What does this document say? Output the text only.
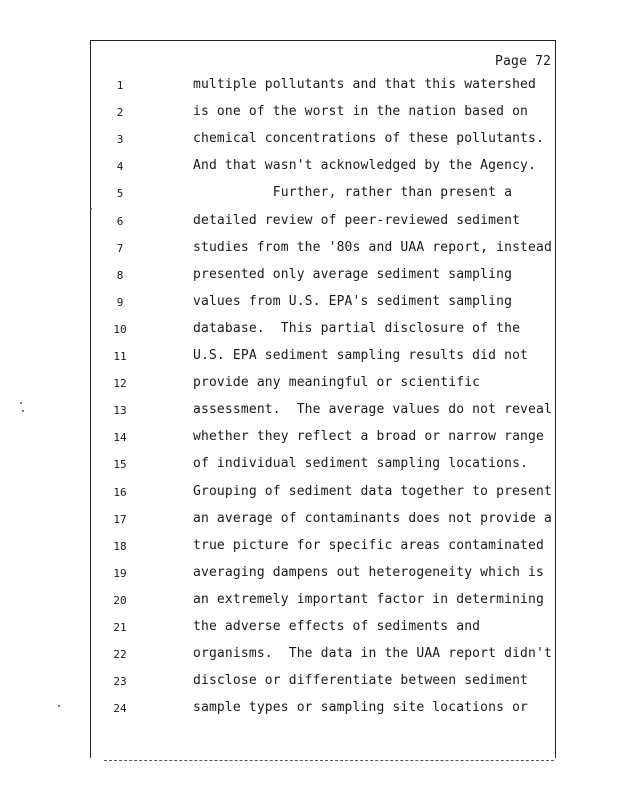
Page 72
1	multiple pollutants and that this watershed
2	is one of the worst in the nation based on
3	chemical concentrations of these pollutants.
4	And that wasn't acknowledged by the Agency.
5	Further, rather than present a
6	detailed review of peer-reviewed sediment
7	studies from the '80s and UAA report, instead
8	presented only average sediment sampling
9	values from U.S. EPA's sediment sampling
10	database.  This partial disclosure of the
11	U.S. EPA sediment sampling results did not
12	provide any meaningful or scientific
13	assessment.  The average values do not reveal
14	whether they reflect a broad or narrow range
15	of individual sediment sampling locations.
16	Grouping of sediment data together to present
17	an average of contaminants does not provide a
18	true picture for specific areas contaminated
19	averaging dampens out heterogeneity which is
20	an extremely important factor in determining
21	the adverse effects of sediments and
22	organisms.  The data in the UAA report didn't
23	disclose or differentiate between sediment
24	sample types or sampling site locations or
